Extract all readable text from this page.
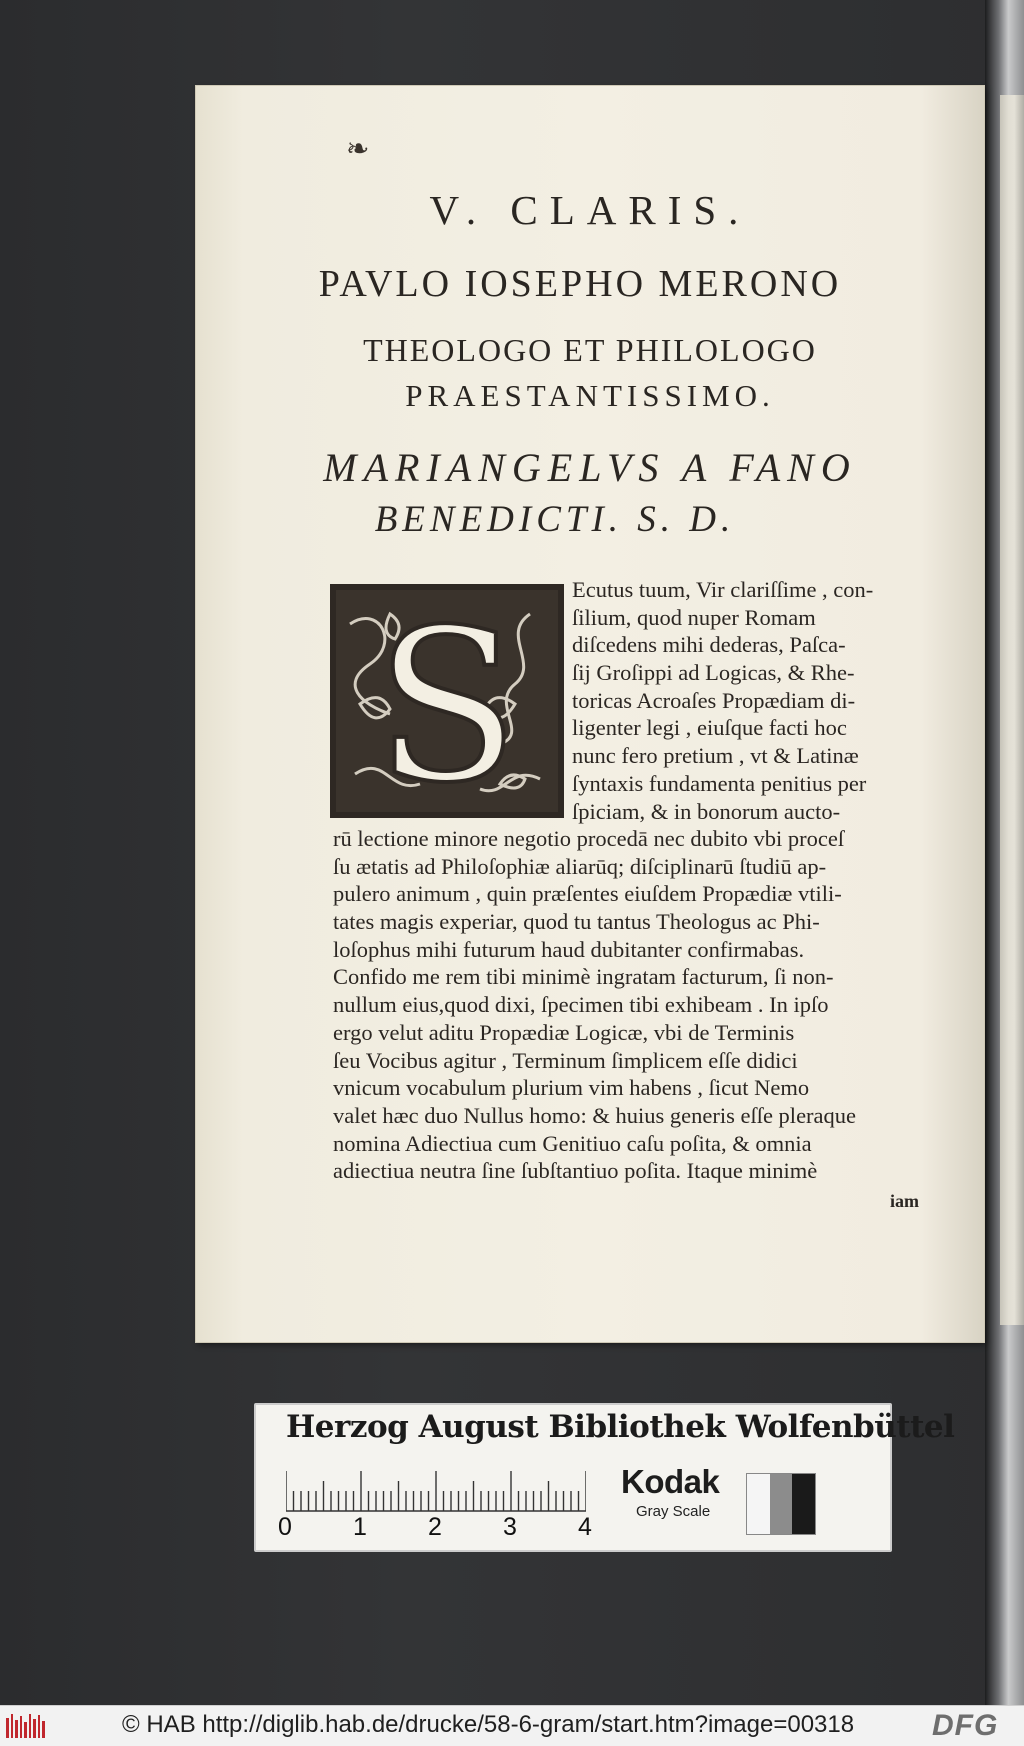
❧
V. CLARIS.
PAVLO IOSEPHO MERONO
THEOLOGO ET PHILOLOGO
PRAESTANTISSIMO.
MARIANGELVS A FANO
BENEDICTI. S. D.
S Ecutus tuum, Vir clariſſime , con-
ſilium, quod nuper Romam
diſcedens mihi dederas, Paſca-
ſij Groſippi ad Logicas, & Rhe-
toricas Acroaſes Propædiam di-
ligenter legi , eiuſque facti hoc
nunc fero pretium , vt & Latinæ
ſyntaxis fundamenta penitius per
ſpiciam, & in bonorum aucto-
rū lectione minore negotio procedā nec dubito vbi proceſ
ſu ætatis ad Philoſophiæ aliarūq; diſciplinarū ſtudiū ap-
pulero animum , quin præſentes eiuſdem Propædiæ vtili-
tates magis experiar, quod tu tantus Theologus ac Phi-
loſophus mihi futurum haud dubitanter confirmabas.
Confido me rem tibi minimè ingratam facturum, ſi non-
nullum eius,quod dixi, ſpecimen tibi exhibeam . In ipſo
ergo velut aditu Propædiæ Logicæ, vbi de Terminis
ſeu Vocibus agitur , Terminum ſimplicem eſſe didici
vnicum vocabulum plurium vim habens , ſicut Nemo
valet hæc duo Nullus homo: & huius generis eſſe pleraque
nomina Adiectiua cum Genitiuo caſu poſita, & omnia
adiectiua neutra ſine ſubſtantiuo poſita. Itaque minimè
iam
Herzog August Bibliothek Wolfenbüttel
0 1 2 3 4
Kodak
Gray Scale
© HAB http://diglib.hab.de/drucke/58-6-gram/start.htm?image=00318	DFG
